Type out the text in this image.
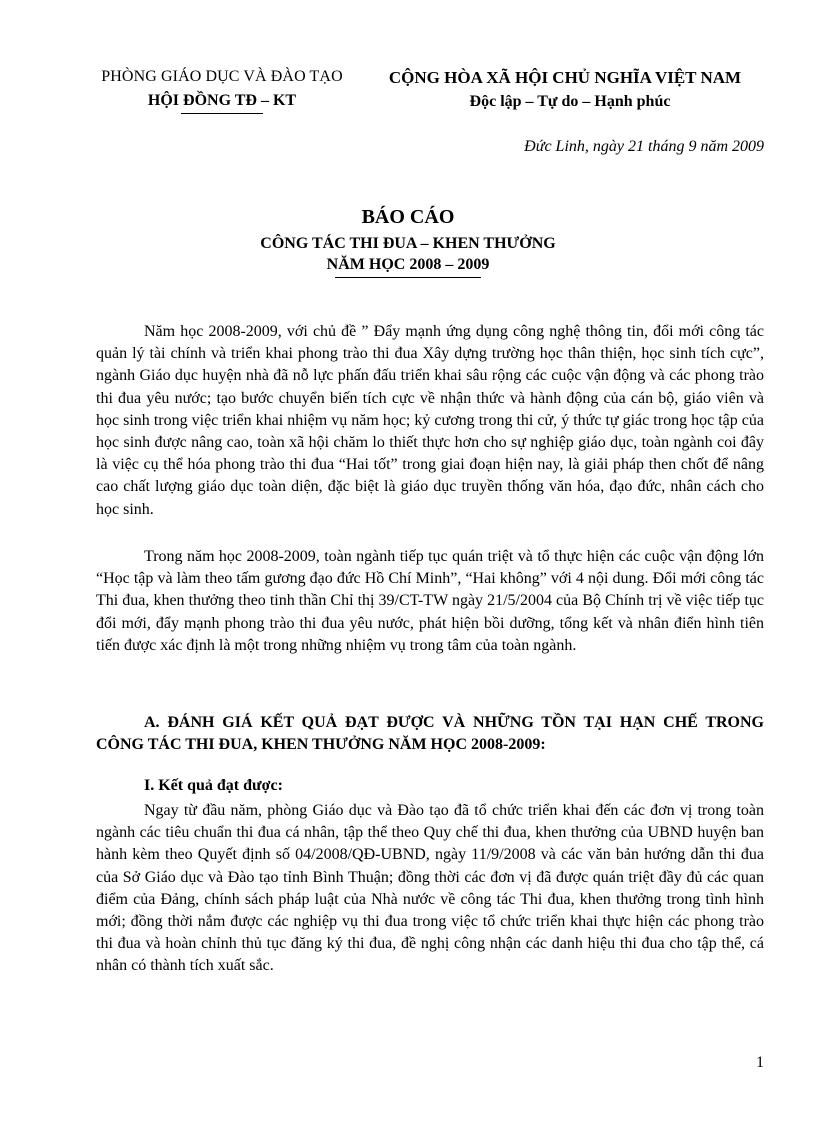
PHÒNG GIÁO DỤC VÀ ĐÀO TẠO
HỘI ĐỒNG TĐ – KT
CỘNG HÒA XÃ HỘI CHỦ NGHĨA VIỆT NAM
Độc lập – Tự do – Hạnh phúc
Đức Linh, ngày 21 tháng 9 năm 2009
BÁO CÁO
CÔNG TÁC THI ĐUA – KHEN THƯỞNG
NĂM HỌC 2008 – 2009

Năm học 2008-2009, với chủ đề ” Đẩy mạnh ứng dụng công nghệ thông tin, đổi mới công tác quản lý tài chính và triển khai phong trào thi đua Xây dựng trường học thân thiện, học sinh tích cực”, ngành Giáo dục huyện nhà đã nỗ lực phấn đấu triển khai sâu rộng các cuộc vận động và các phong trào thi đua yêu nước; tạo bước chuyển biến tích cực về nhận thức và hành động của cán bộ, giáo viên và học sinh trong việc triển khai nhiệm vụ năm học; kỷ cương trong thi cử, ý thức tự giác trong học tập của học sinh được nâng cao, toàn xã hội chăm lo thiết thực hơn cho sự nghiệp giáo dục, toàn ngành coi đây là việc cụ thể hóa phong trào thi đua “Hai tốt” trong giai đoạn hiện nay, là giải pháp then chốt để nâng cao chất lượng giáo dục toàn diện, đặc biệt là giáo dục truyền thống văn hóa, đạo đức, nhân cách cho học sinh.

Trong năm học 2008-2009, toàn ngành tiếp tục quán triệt và tổ thực hiện các cuộc vận động lớn “Học tập và làm theo tấm gương đạo đức Hồ Chí Minh”, “Hai không” với 4 nội dung. Đổi mới công tác Thi đua, khen thưởng theo tinh thần Chỉ thị 39/CT-TW ngày 21/5/2004 của Bộ Chính trị về việc tiếp tục đổi mới, đẩy mạnh phong trào thi đua yêu nước, phát hiện bồi dưỡng, tổng kết và nhân điển hình tiên tiến được xác định là một trong những nhiệm vụ trong tâm của toàn ngành.

A. ĐÁNH GIÁ KẾT QUẢ ĐẠT ĐƯỢC VÀ NHỮNG TỒN TẠI HẠN CHẾ TRONG CÔNG TÁC THI ĐUA, KHEN THƯỞNG NĂM HỌC 2008-2009:
I. Kết quả đạt được:

Ngay từ đầu năm, phòng Giáo dục và Đào tạo đã tổ chức triển khai đến các đơn vị trong toàn ngành các tiêu chuẩn thi đua cá nhân, tập thể theo Quy chế thi đua, khen thưởng của UBND huyện ban hành kèm theo Quyết định số 04/2008/QĐ-UBND, ngày 11/9/2008 và các văn bản hướng dẫn thi đua của Sở Giáo dục và Đào tạo tỉnh Bình Thuận; đồng thời các đơn vị đã được quán triệt đầy đủ các quan điểm của Đảng, chính sách pháp luật của Nhà nước về công tác Thi đua, khen thưởng trong tình hình mới; đồng thời nắm được các nghiệp vụ thi đua trong việc tổ chức triển khai thực hiện các phong trào thi đua và hoàn chỉnh thủ tục đăng ký thi đua, đề nghị công nhận các danh hiệu thi đua cho tập thể, cá nhân có thành tích xuất sắc.

1
